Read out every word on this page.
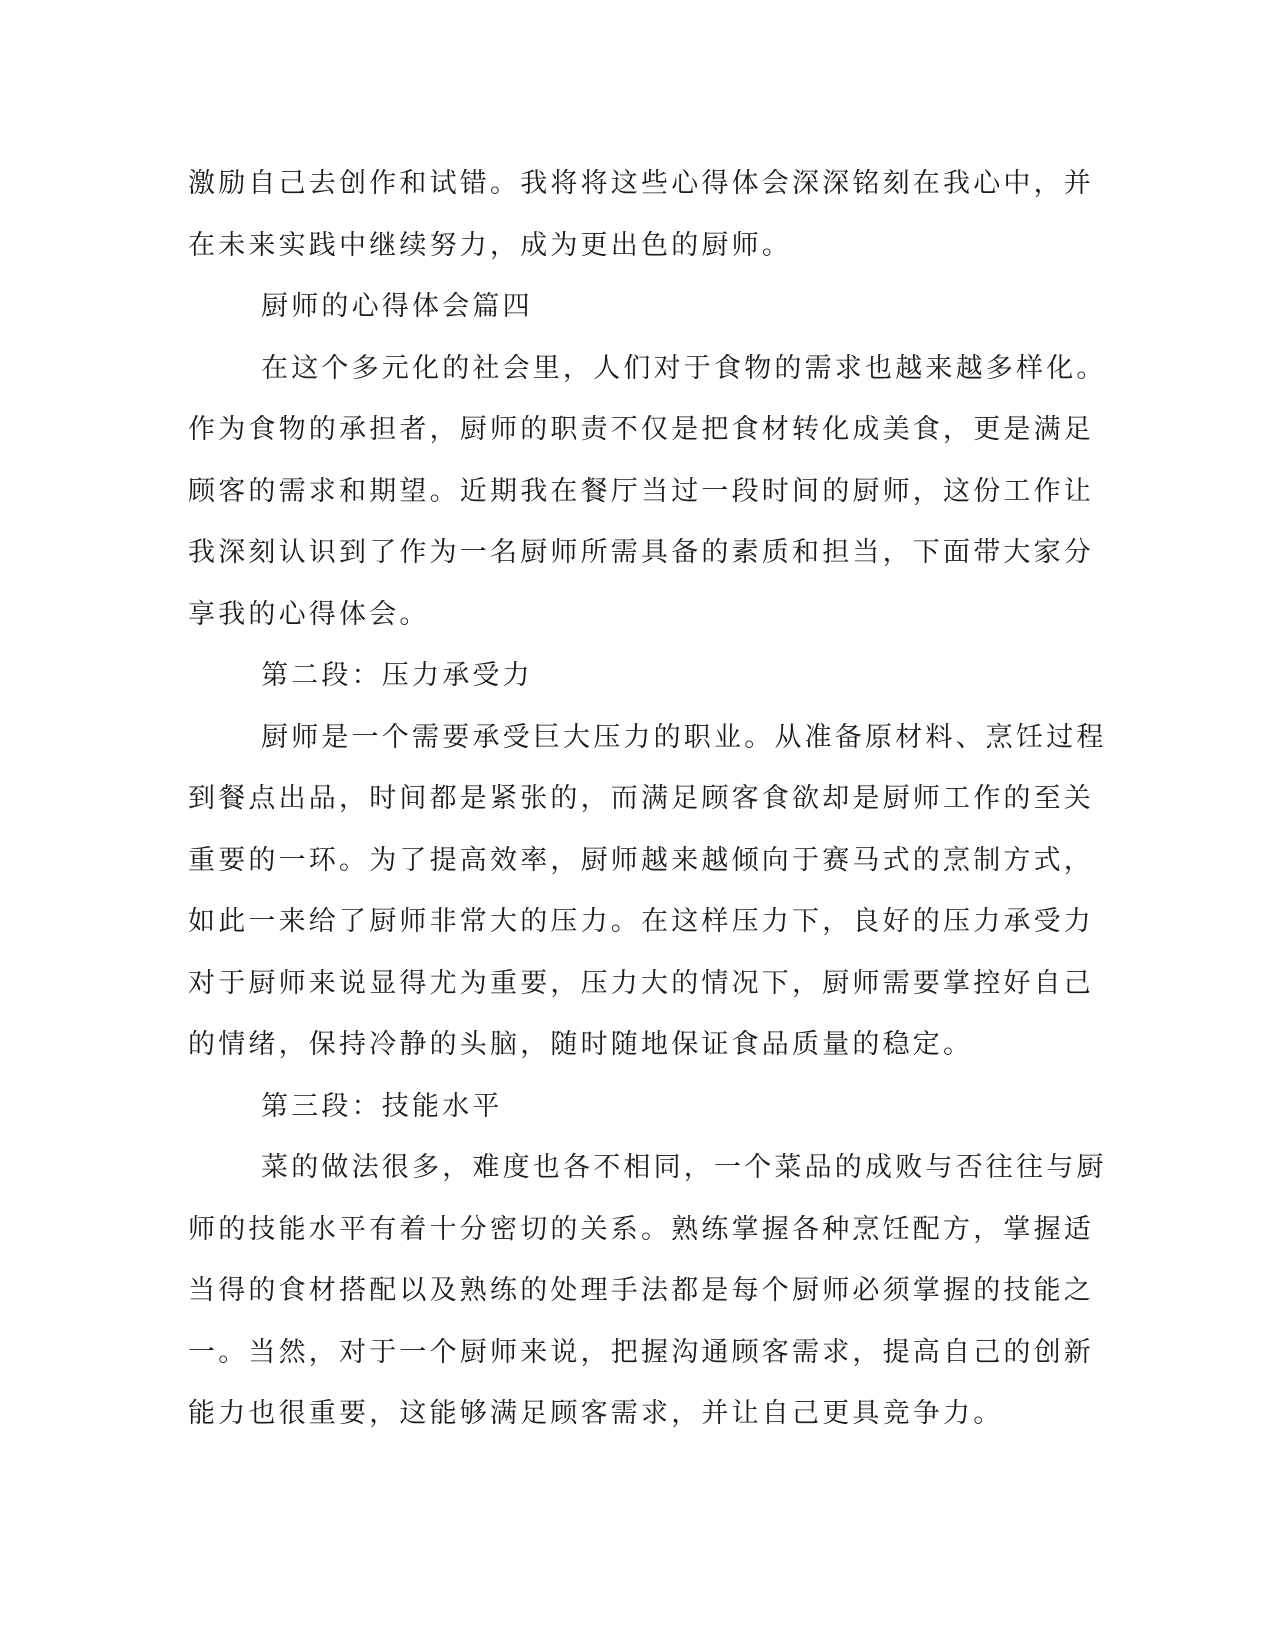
激励自己去创作和试错。我将将这些心得体会深深铭刻在我心中，并
在未来实践中继续努力，成为更出色的厨师。
厨师的心得体会篇四
在这个多元化的社会里，人们对于食物的需求也越来越多样化。
作为食物的承担者，厨师的职责不仅是把食材转化成美食，更是满足
顾客的需求和期望。近期我在餐厅当过一段时间的厨师，这份工作让
我深刻认识到了作为一名厨师所需具备的素质和担当，下面带大家分
享我的心得体会。
第二段：压力承受力
厨师是一个需要承受巨大压力的职业。从准备原材料、烹饪过程
到餐点出品，时间都是紧张的，而满足顾客食欲却是厨师工作的至关
重要的一环。为了提高效率，厨师越来越倾向于赛马式的烹制方式，
如此一来给了厨师非常大的压力。在这样压力下，良好的压力承受力
对于厨师来说显得尤为重要，压力大的情况下，厨师需要掌控好自己
的情绪，保持冷静的头脑，随时随地保证食品质量的稳定。
第三段：技能水平
菜的做法很多，难度也各不相同，一个菜品的成败与否往往与厨
师的技能水平有着十分密切的关系。熟练掌握各种烹饪配方，掌握适
当得的食材搭配以及熟练的处理手法都是每个厨师必须掌握的技能之
一。当然，对于一个厨师来说，把握沟通顾客需求，提高自己的创新
能力也很重要，这能够满足顾客需求，并让自己更具竞争力。
